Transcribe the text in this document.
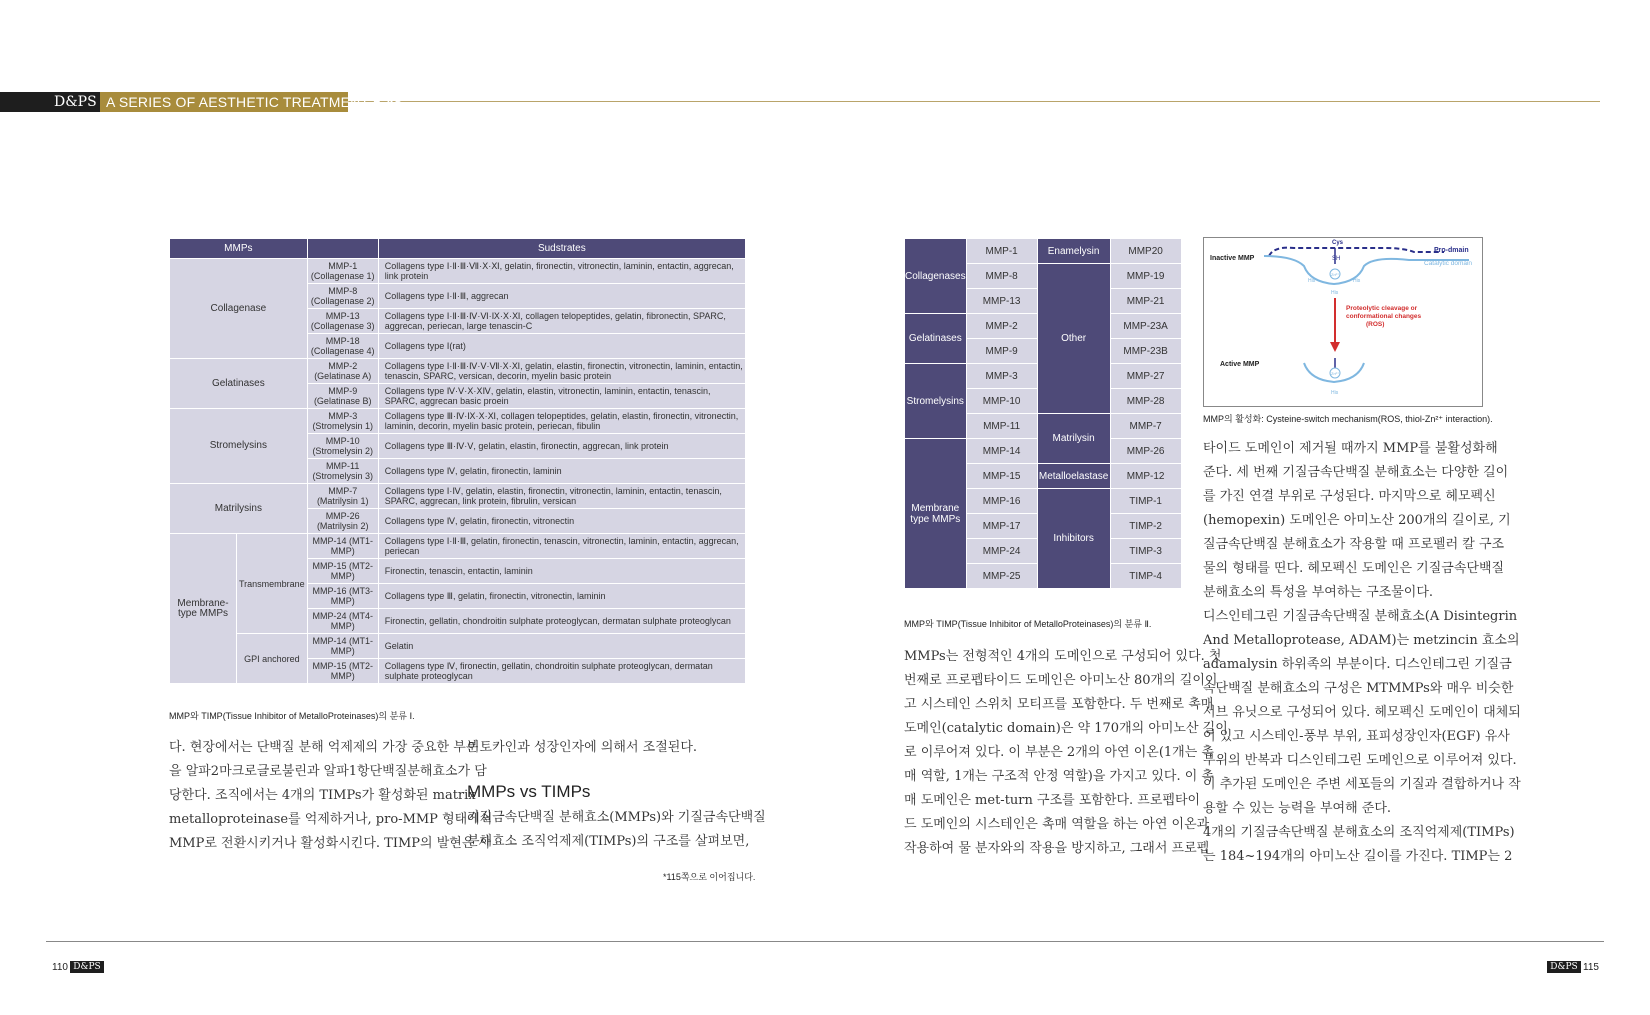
D&PS A SERIES OF AESTHETIC TREATMENT 5-48
MMPs			Sudstrates
Collagenase		MMP-1 (Collagenase 1)	Collagens type Ⅰ·Ⅱ·Ⅲ·Ⅶ·Ⅹ·Ⅺ, gelatin, fironectin, vitronectin, laminin, entactin, aggrecan, link protein
		MMP-8 (Collagenase 2)	Collagens type Ⅰ·Ⅱ·Ⅲ, aggrecan
		MMP-13 (Collagenase 3)	Collagens type Ⅰ·Ⅱ·Ⅲ·Ⅳ·Ⅵ·Ⅸ·Ⅹ·Ⅺ, collagen telopeptides, gelatin, fibronectin, SPARC, aggrecan, periecan, large tenascin-C
		MMP-18 (Collagenase 4)	Collagens type Ⅰ(rat)
Gelatinases		MMP-2 (Gelatinase A)	Collagens type Ⅰ·Ⅱ·Ⅲ·Ⅳ·Ⅴ·Ⅶ·Ⅹ·Ⅺ, gelatin, elastin, fironectin, vitronectin, laminin, entactin, tenascin, SPARC, versican, decorin, myelin basic protein
		MMP-9 (Gelatinase B)	Collagens type Ⅳ·Ⅴ·Ⅹ·ⅩⅣ, gelatin, elastin, vitronectin, laminin, entactin, tenascin, SPARC, aggrecan basic proein
Stromelysins		MMP-3 (Stromelysin 1)	Collagens type Ⅲ·Ⅳ·Ⅸ·Ⅹ·Ⅺ, collagen telopeptides, gelatin, elastin, fironectin, vitronectin, laminin, decorin, myelin basic protein, periecan, fibulin
		MMP-10 (Stromelysin 2)	Collagens type Ⅲ·Ⅳ·Ⅴ, gelatin, elastin, fironectin, aggrecan, link protein
		MMP-11 (Stromelysin 3)	Collagens type Ⅳ, gelatin, fironectin, laminin
Matrilysins		MMP-7 (Matrilysin 1)	Collagens type Ⅰ·Ⅳ, gelatin, elastin, fironectin, vitronectin, laminin, entactin, tenascin, SPARC, aggrecan, link protein, fibrulin, versican
		MMP-26 (Matrilysin 2)	Collagens type Ⅳ, gelatin, fironectin, vitronectin
Membrane-type MMPs	Transmembrane	MMP-14 (MT1-MMP)	Collagens type Ⅰ·Ⅱ·Ⅲ, gelatin, fironectin, tenascin, vitronectin, laminin, entactin, aggrecan, periecan
		MMP-15 (MT2-MMP)	Fironectin, tenascin, entactin, laminin
		MMP-16 (MT3-MMP)	Collagens type Ⅲ, gelatin, fironectin, vitronectin, laminin
		MMP-24 (MT4-MMP)	Fironectin, gellatin, chondroitin sulphate proteoglycan, dermatan sulphate proteoglycan
	GPI anchored	MMP-14 (MT1-MMP)	Gelatin
		MMP-15 (MT2-MMP)	Collagens type Ⅳ, fironectin, gellatin, chondroitin sulphate proteoglycan, dermatan sulphate proteoglycan
MMP와 TIMP(Tissue Inhibitor of MetalloProteinases)의 분류 Ⅰ.
다. 현장에서는 단백질 분해 억제제의 가장 중요한 부분
을 알파2마크로글로불린과 알파1항단백질분해효소가 담
당한다. 조직에서는 4개의 TIMPs가 활성화된 matrix
metalloproteinase를 억제하거나, pro-MMP 형태에서
MMP로 전환시키거나 활성화시킨다. TIMP의 발현은 사
이토카인과 성장인자에 의해서 조절된다.
MMPs vs TIMPs
기질금속단백질 분해효소(MMPs)와 기질금속단백질
분해효소 조직억제제(TIMPs)의 구조를 살펴보면,
*115쪽으로 이어집니다.
Collagenases	MMP-1	Enamelysin	MMP20
	MMP-8	Other	MMP-19
	MMP-13		MMP-21
Gelatinases	MMP-2		MMP-23A
	MMP-9		MMP-23B
Stromelysins	MMP-3		MMP-27
	MMP-10		MMP-28
	MMP-11	Matrilysin	MMP-7
Membrane type MMPs	MMP-14		MMP-26
	MMP-15	Metalloelastase	MMP-12
	MMP-16	Inhibitors	TIMP-1
	MMP-17		TIMP-2
	MMP-24		TIMP-3
	MMP-25		TIMP-4
MMP와 TIMP(Tissue Inhibitor of MetalloProteinases)의 분류 Ⅱ.
Inactive MMP
Cys
SH
Pro-dmain
Catalytic domain
Zn²⁺
His	His
His
Proteolytic cleavage or
conformational changes
(ROS)
Active MMP
Zn²⁺
His
MMP의 활성화: Cysteine-switch mechanism(ROS, thiol-Zn²⁺ interaction).
MMPs는 전형적인 4개의 도메인으로 구성되어 있다. 첫
번째로 프로펩타이드 도메인은 아미노산 80개의 길이이
고 시스테인 스위치 모티프를 포함한다. 두 번째로 촉매
도메인(catalytic domain)은 약 170개의 아미노산 길이
로 이루어져 있다. 이 부분은 2개의 아연 이온(1개는 촉
매 역할, 1개는 구조적 안정 역할)을 가지고 있다. 이 촉
매 도메인은 met-turn 구조를 포함한다. 프로펩타이
드 도메인의 시스테인은 촉매 역할을 하는 아연 이온과
작용하여 물 분자와의 작용을 방지하고, 그래서 프로펩
타이드 도메인이 제거될 때까지 MMP를 불활성화해
준다. 세 번째 기질금속단백질 분해효소는 다양한 길이
를 가진 연결 부위로 구성된다. 마지막으로 헤모펙신
(hemopexin) 도메인은 아미노산 200개의 길이로, 기
질금속단백질 분해효소가 작용할 때 프로펠러 칼 구조
물의 형태를 띤다. 헤모펙신 도메인은 기질금속단백질
분해효소의 특성을 부여하는 구조물이다.
디스인테그린 기질금속단백질 분해효소(A Disintegrin
And Metalloprotease, ADAM)는 metzincin 효소의
adamalysin 하위족의 부분이다. 디스인테그린 기질금
속단백질 분해효소의 구성은 MTMMPs와 매우 비슷한
서브 유닛으로 구성되어 있다. 헤모펙신 도메인이 대체되
어 있고 시스테인-풍부 부위, 표피성장인자(EGF) 유사
부위의 반복과 디스인테그린 도메인으로 이루어져 있다.
이 추가된 도메인은 주변 세포들의 기질과 결합하거나 작
용할 수 있는 능력을 부여해 준다.
4개의 기질금속단백질 분해효소의 조직억제제(TIMPs)
는 184~194개의 아미노산 길이를 가진다. TIMP는 2
110 D&PS	D&PS 115
